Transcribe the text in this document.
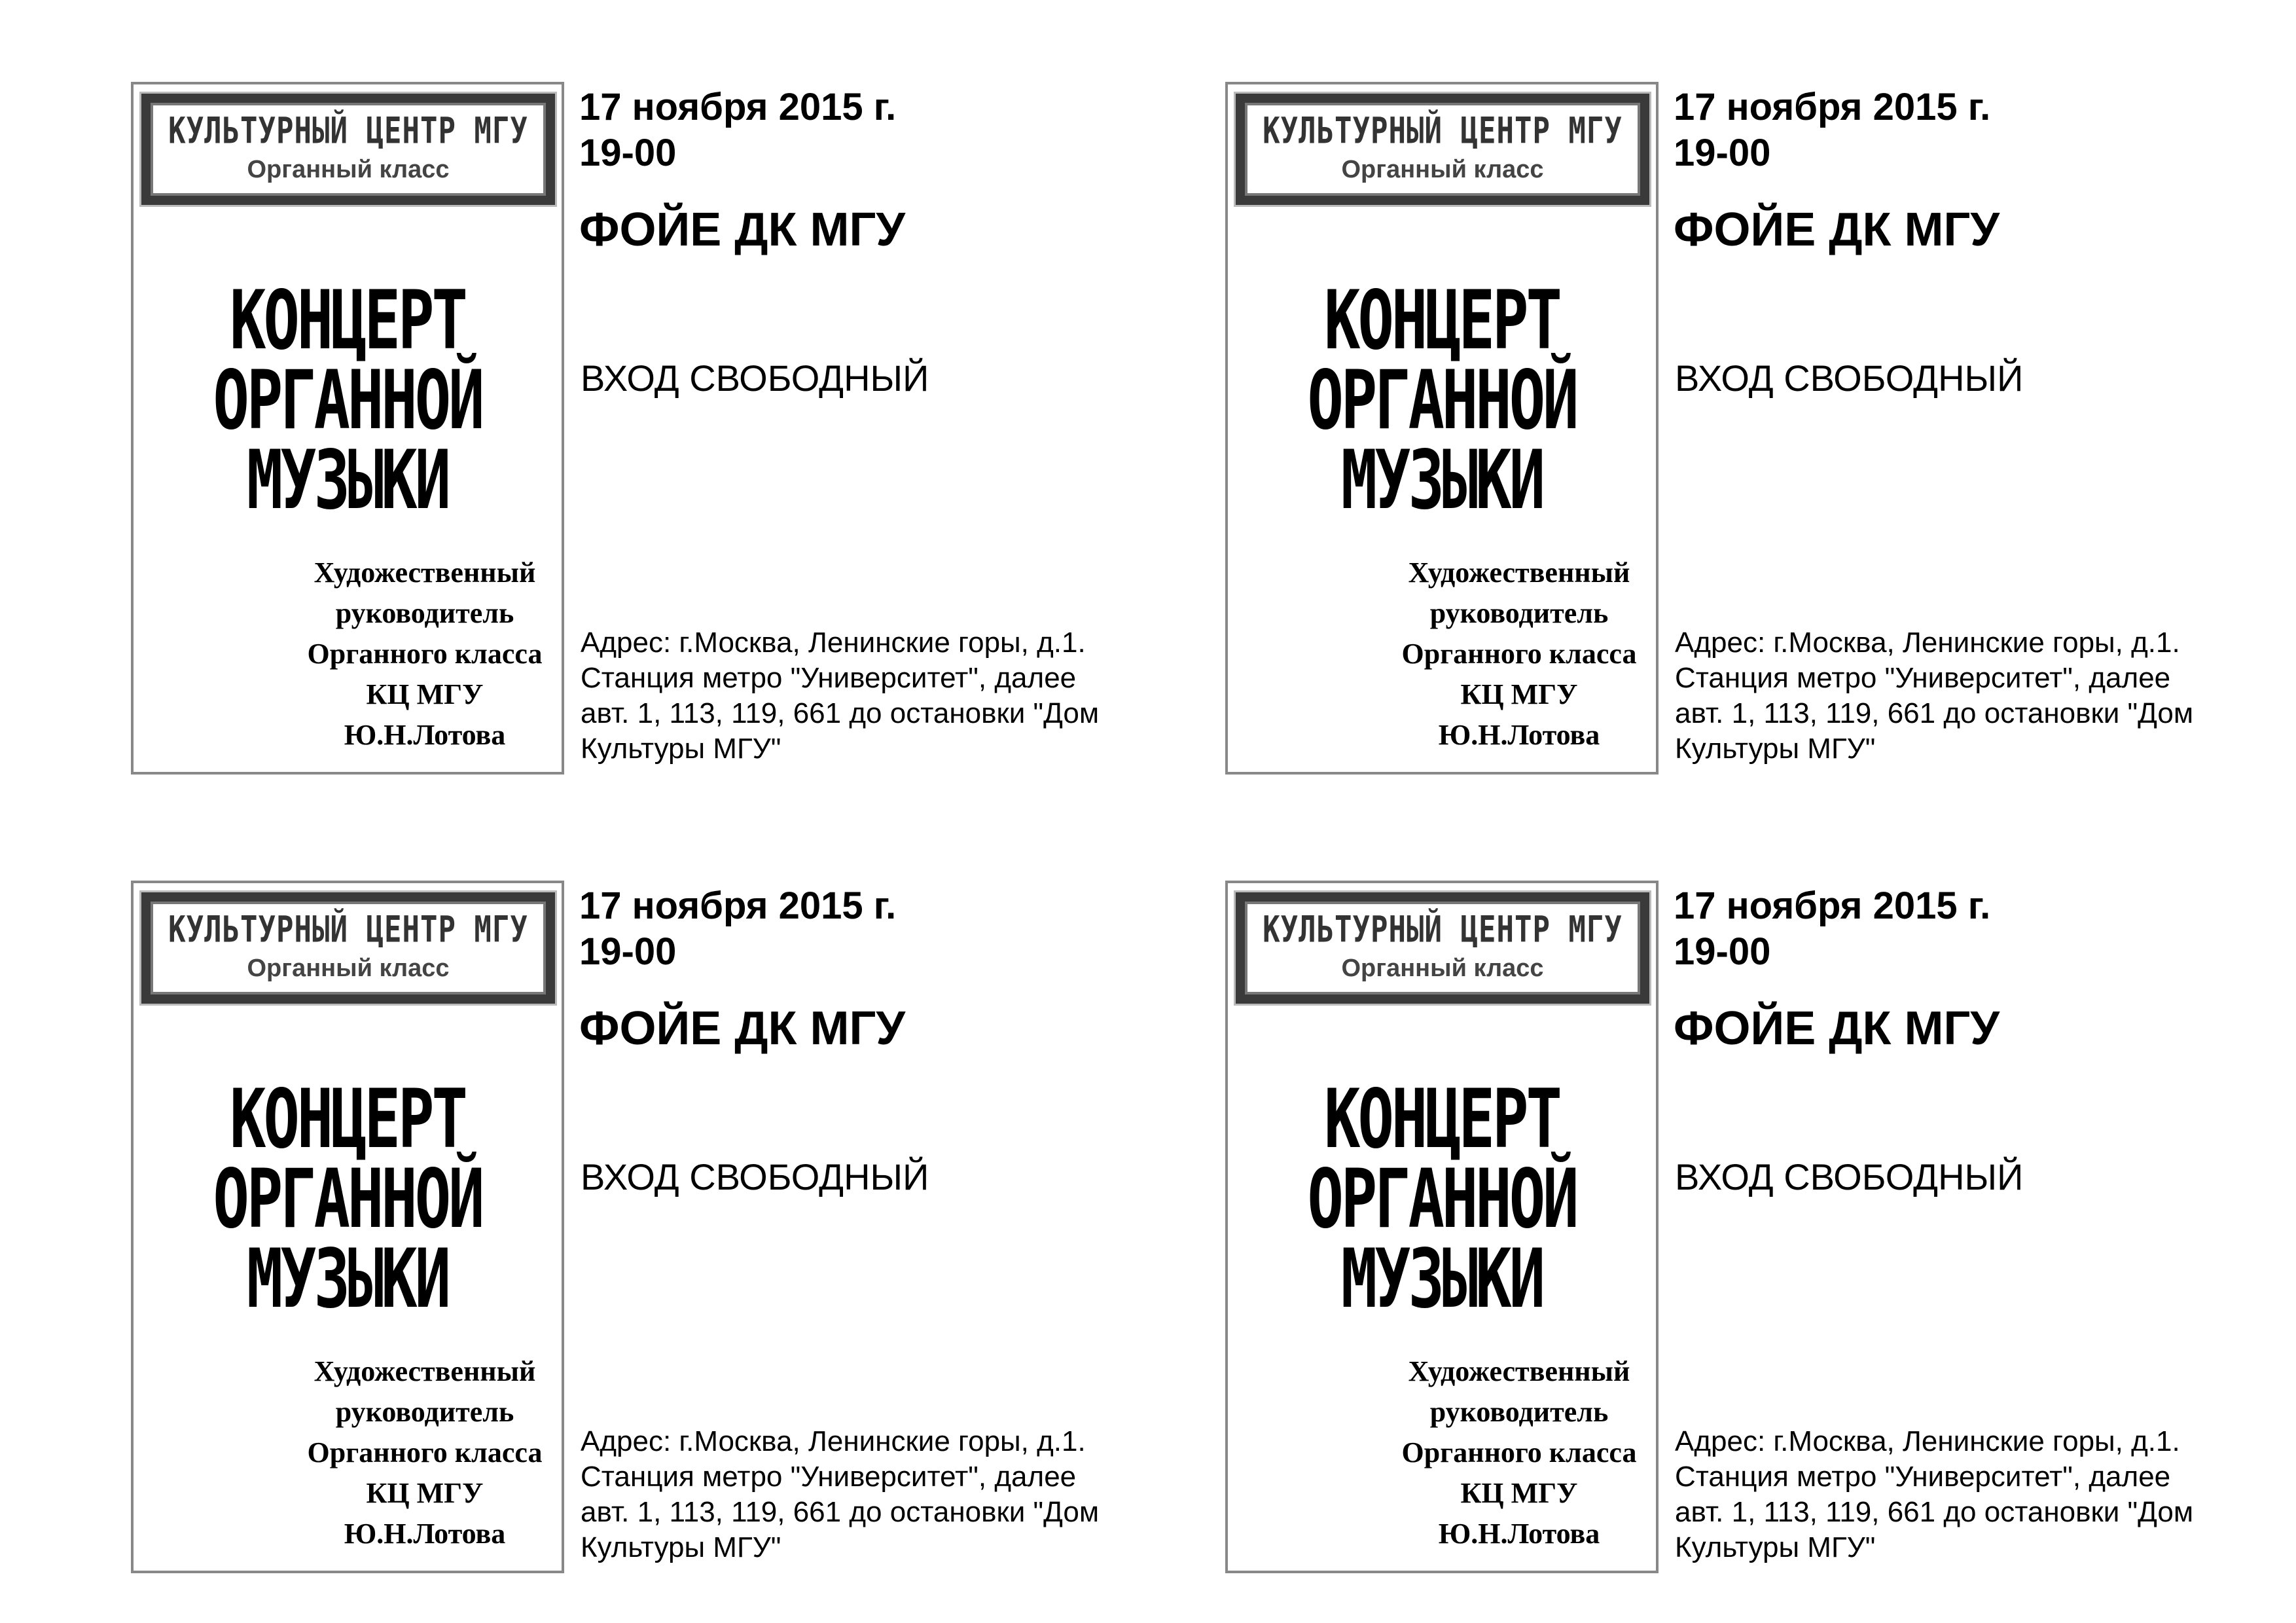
КУЛЬТУРНЫЙ ЦЕНТР МГУ
Органный класс
КОНЦЕРТ
ОРГАННОЙ
МУЗЫКИ
Художественный
руководитель
Органного класса
КЦ МГУ
Ю.Н.Лотова
17 ноября 2015 г.
19-00
ФОЙЕ ДК МГУ
ВХОД СВОБОДНЫЙ
Адрес: г.Москва, Ленинские горы, д.1. Станция метро "Университет", далее авт. 1, 113, 119, 661 до остановки "Дом Культуры МГУ"
КУЛЬТУРНЫЙ ЦЕНТР МГУ
Органный класс
КОНЦЕРТ
ОРГАННОЙ
МУЗЫКИ
Художественный
руководитель
Органного класса
КЦ МГУ
Ю.Н.Лотова
17 ноября 2015 г.
19-00
ФОЙЕ ДК МГУ
ВХОД СВОБОДНЫЙ
Адрес: г.Москва, Ленинские горы, д.1. Станция метро "Университет", далее авт. 1, 113, 119, 661 до остановки "Дом Культуры МГУ"
КУЛЬТУРНЫЙ ЦЕНТР МГУ
Органный класс
КОНЦЕРТ
ОРГАННОЙ
МУЗЫКИ
Художественный
руководитель
Органного класса
КЦ МГУ
Ю.Н.Лотова
17 ноября 2015 г.
19-00
ФОЙЕ ДК МГУ
ВХОД СВОБОДНЫЙ
Адрес: г.Москва, Ленинские горы, д.1. Станция метро "Университет", далее авт. 1, 113, 119, 661 до остановки "Дом Культуры МГУ"
КУЛЬТУРНЫЙ ЦЕНТР МГУ
Органный класс
КОНЦЕРТ
ОРГАННОЙ
МУЗЫКИ
Художественный
руководитель
Органного класса
КЦ МГУ
Ю.Н.Лотова
17 ноября 2015 г.
19-00
ФОЙЕ ДК МГУ
ВХОД СВОБОДНЫЙ
Адрес: г.Москва, Ленинские горы, д.1. Станция метро "Университет", далее авт. 1, 113, 119, 661 до остановки "Дом Культуры МГУ"
